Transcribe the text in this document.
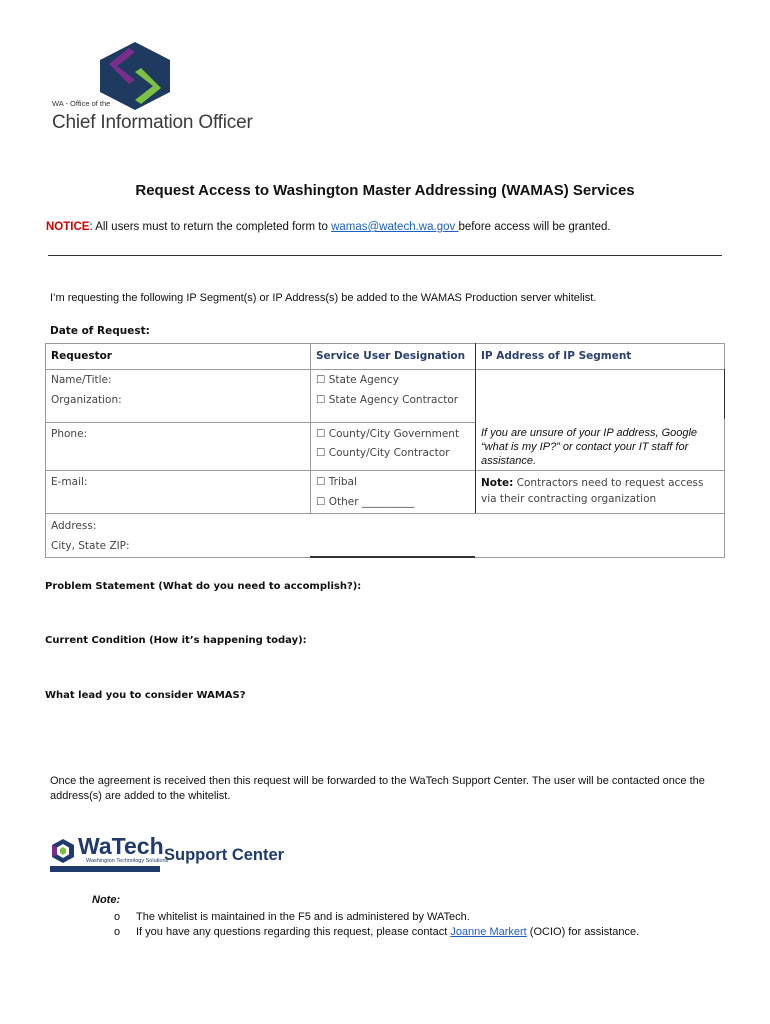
WA - Office of the
Chief Information Officer
Request Access to Washington Master Addressing (WAMAS) Services
NOTICE: All users must to return the completed form to wamas@watech.wa.gov before access will be granted.
I’m requesting the following IP Segment(s) or IP Address(s) be added to the WAMAS Production server whitelist.
Date of Request:
Requestor	Service User Designation IP Address of IP Segment
Name/Title:
Organization:
Phone:
E-mail:
Address:
City, State ZIP:
☐ State Agency
☐ State Agency Contractor
☐ County/City Government
☐ County/City Contractor
☐ Tribal
☐ Other __________
If you are unsure of your IP address, Google “what is my IP?” or contact your IT staff for assistance.
Note: Contractors need to request access via their contracting organization
Problem Statement (What do you need to accomplish?):
Current Condition (How it’s happening today):
What lead you to consider WAMAS?
Once the agreement is received then this request will be forwarded to the WaTech Support Center. The user will be contacted once the address(s) are added to the whitelist.
WaTech
Washington Technology Solutions
Support Center
Note:
o The whitelist is maintained in the F5 and is administered by WATech.
o If you have any questions regarding this request, please contact Joanne Markert (OCIO) for assistance.
